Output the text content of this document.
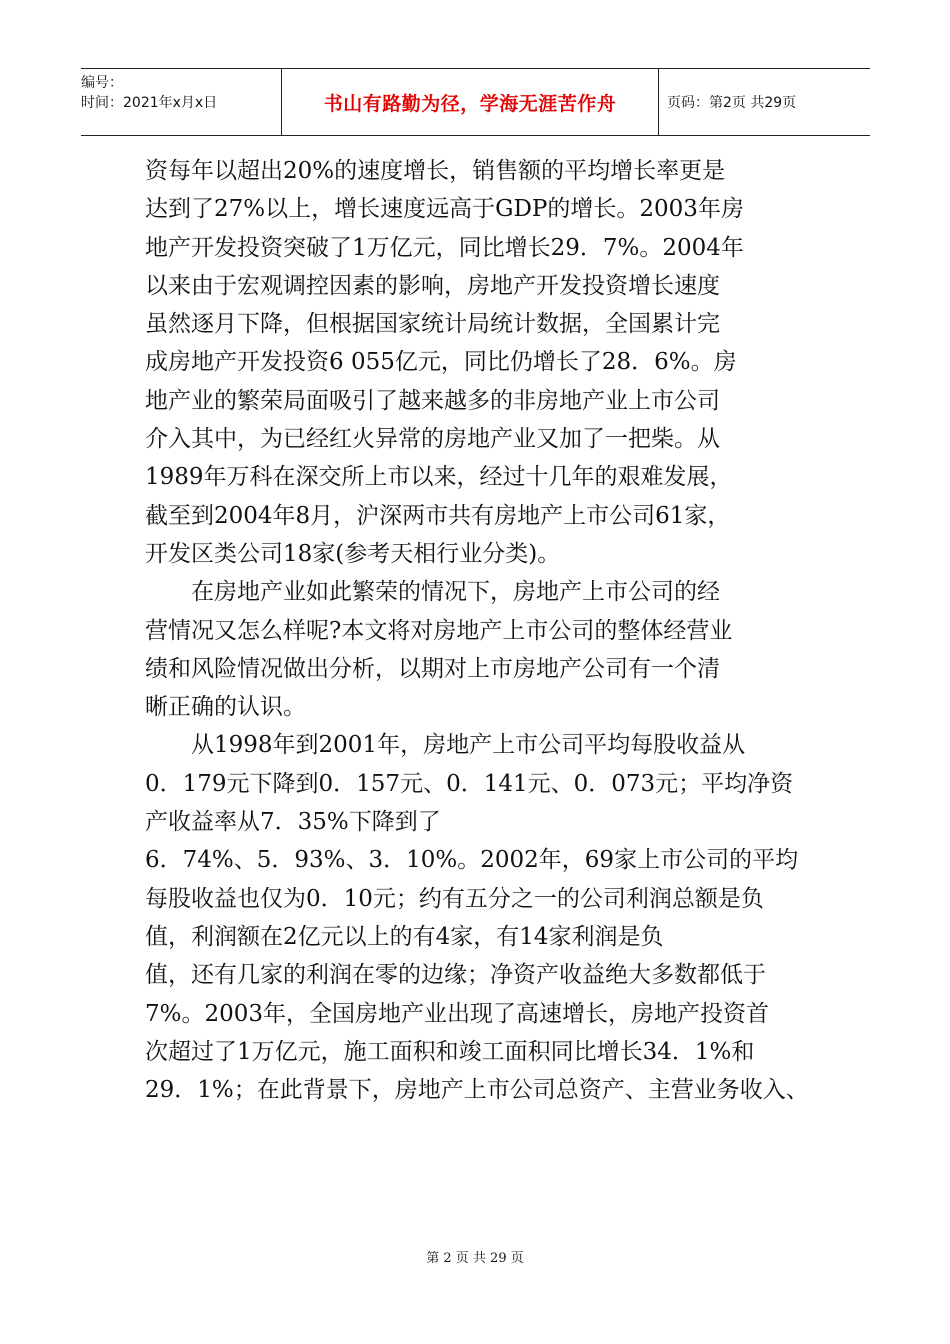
编号：
时间：2021年x月x日	书山有路勤为径，学海无涯苦作舟	页码：第2页 共29页
资每年以超出20%的速度增长，销售额的平均增长率更是
达到了27%以上，增长速度远高于GDP的增长。2003年房
地产开发投资突破了1万亿元，同比增长29．7%。2004年
以来由于宏观调控因素的影响，房地产开发投资增长速度
虽然逐月下降，但根据国家统计局统计数据，全国累计完
成房地产开发投资6 055亿元，同比仍增长了28．6%。房
地产业的繁荣局面吸引了越来越多的非房地产业上市公司
介入其中，为已经红火异常的房地产业又加了一把柴。从
1989年万科在深交所上市以来，经过十几年的艰难发展，
截至到2004年8月，沪深两市共有房地产上市公司61家，
开发区类公司18家(参考天相行业分类)。
　　在房地产业如此繁荣的情况下，房地产上市公司的经
营情况又怎么样呢?本文将对房地产上市公司的整体经营业
绩和风险情况做出分析，以期对上市房地产公司有一个清
晰正确的认识。
　　从1998年到2001年，房地产上市公司平均每股收益从
0．179元下降到0．157元、0．141元、0．073元；平均净资
产收益率从7．35%下降到了
6．74%、5．93%、3．10%。2002年，69家上市公司的平均
每股收益也仅为0．10元；约有五分之一的公司利润总额是负
值，利润额在2亿元以上的有4家，有14家利润是负
值，还有几家的利润在零的边缘；净资产收益绝大多数都低于
7%。2003年，全国房地产业出现了高速增长，房地产投资首
次超过了1万亿元，施工面积和竣工面积同比增长34．1%和
29．1%；在此背景下，房地产上市公司总资产、主营业务收入、
第 2 页 共 29 页
